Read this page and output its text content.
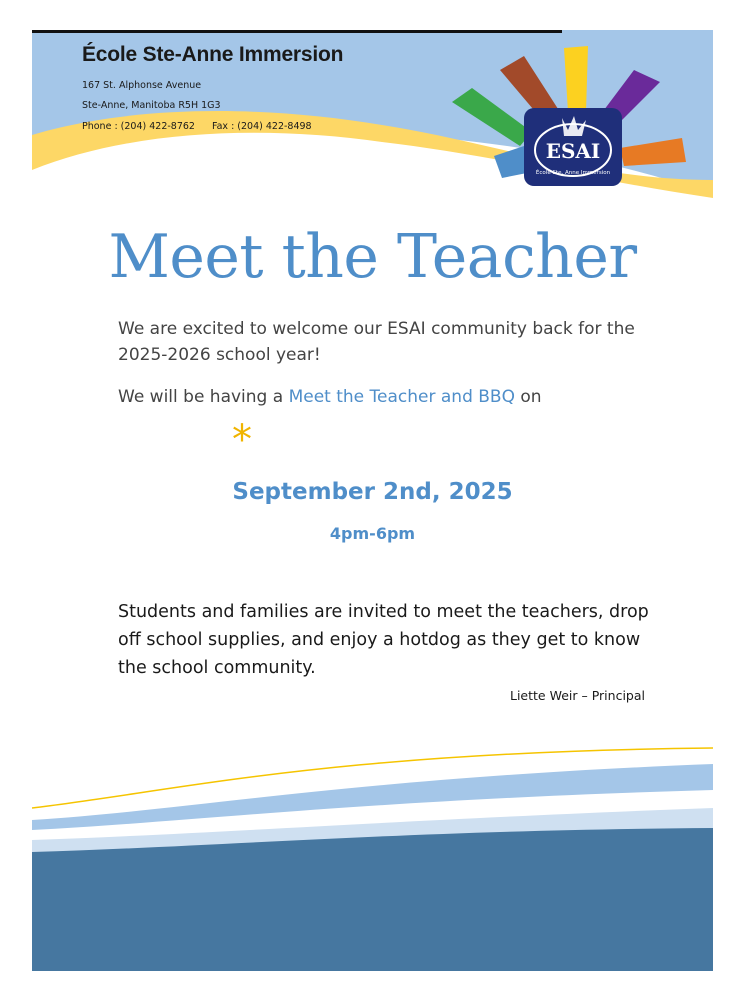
École Ste-Anne Immersion
167 St. Alphonse Avenue
Ste-Anne, Manitoba R5H 1G3
Phone : (204) 422-8762 Fax : (204) 422-8498
ESAI
École Ste. Anne Immersion
Meet the Teacher
We are excited to welcome our ESAI community back for the 2025-2026 school year!
We will be having a Meet the Teacher and BBQ on
*
September 2nd, 2025
4pm-6pm
Students and families are invited to meet the teachers, drop off school supplies, and enjoy a hotdog as they get to know the school community.
Liette Weir – Principal
